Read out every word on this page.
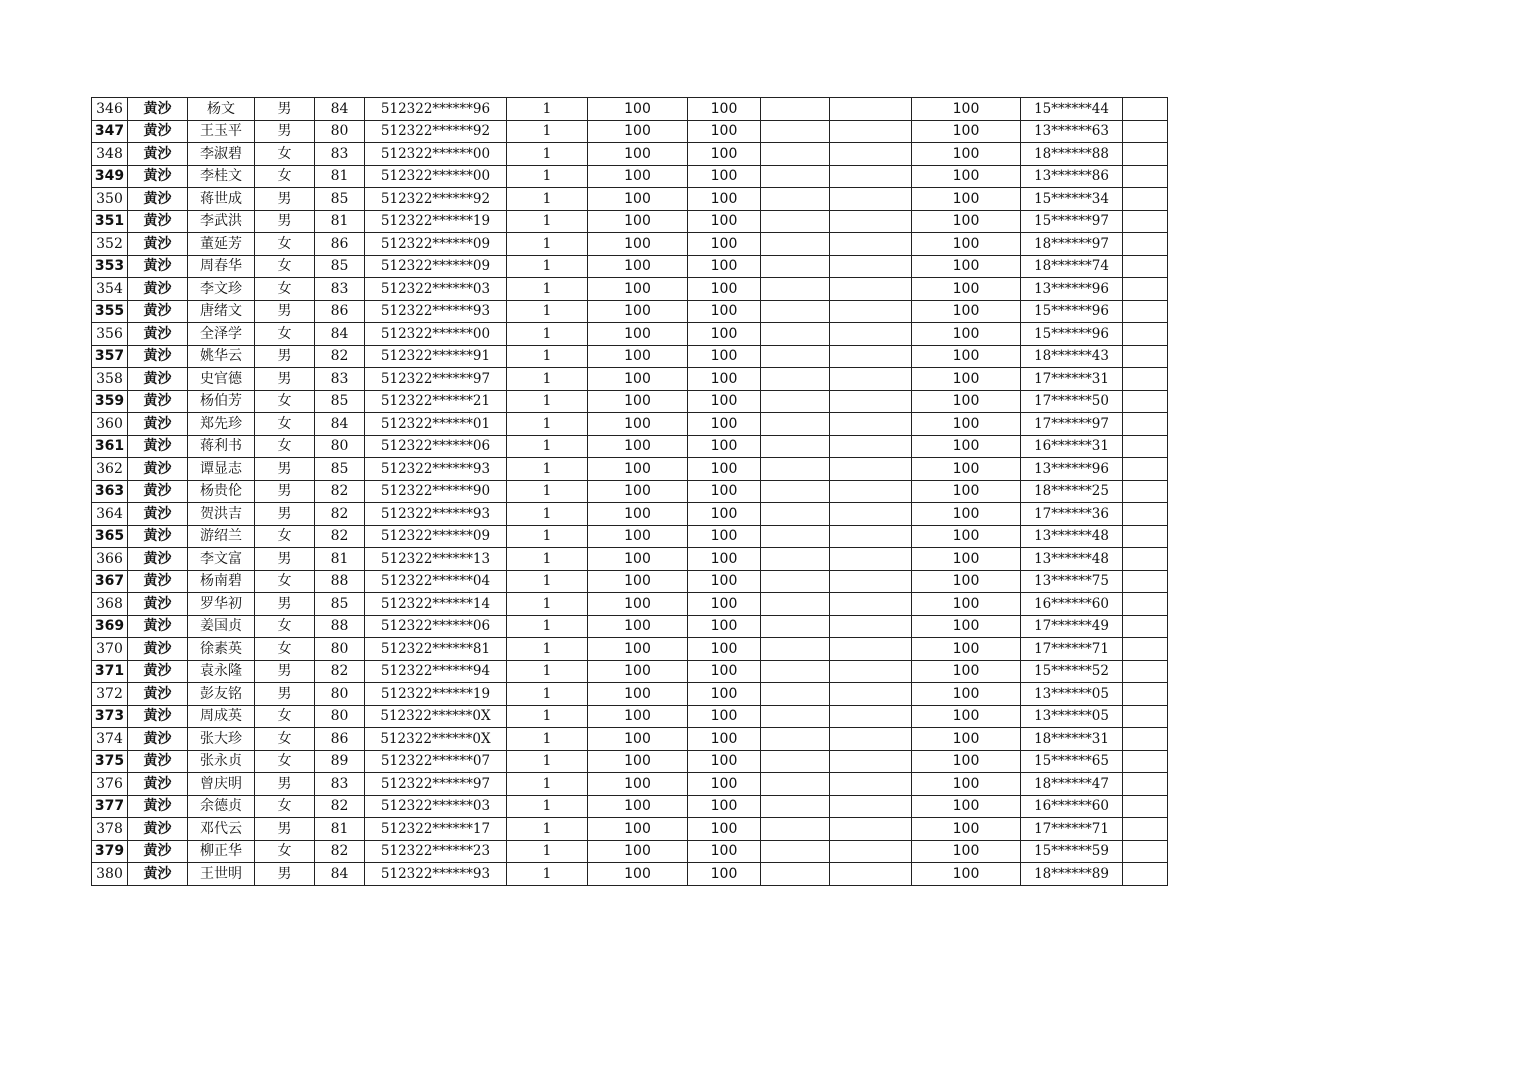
346	黄沙	杨文	男	84	512322******96	1	100	100			100	15******44	
347	黄沙	王玉平	男	80	512322******92	1	100	100			100	13******63	
348	黄沙	李淑碧	女	83	512322******00	1	100	100			100	18******88	
349	黄沙	李桂文	女	81	512322******00	1	100	100			100	13******86	
350	黄沙	蒋世成	男	85	512322******92	1	100	100			100	15******34	
351	黄沙	李武洪	男	81	512322******19	1	100	100			100	15******97	
352	黄沙	董延芳	女	86	512322******09	1	100	100			100	18******97	
353	黄沙	周春华	女	85	512322******09	1	100	100			100	18******74	
354	黄沙	李文珍	女	83	512322******03	1	100	100			100	13******96	
355	黄沙	唐绪文	男	86	512322******93	1	100	100			100	15******96	
356	黄沙	全泽学	女	84	512322******00	1	100	100			100	15******96	
357	黄沙	姚华云	男	82	512322******91	1	100	100			100	18******43	
358	黄沙	史官德	男	83	512322******97	1	100	100			100	17******31	
359	黄沙	杨伯芳	女	85	512322******21	1	100	100			100	17******50	
360	黄沙	郑先珍	女	84	512322******01	1	100	100			100	17******97	
361	黄沙	蒋利书	女	80	512322******06	1	100	100			100	16******31	
362	黄沙	谭显志	男	85	512322******93	1	100	100			100	13******96	
363	黄沙	杨贵伦	男	82	512322******90	1	100	100			100	18******25	
364	黄沙	贺洪吉	男	82	512322******93	1	100	100			100	17******36	
365	黄沙	游绍兰	女	82	512322******09	1	100	100			100	13******48	
366	黄沙	李文富	男	81	512322******13	1	100	100			100	13******48	
367	黄沙	杨南碧	女	88	512322******04	1	100	100			100	13******75	
368	黄沙	罗华初	男	85	512322******14	1	100	100			100	16******60	
369	黄沙	姜国贞	女	88	512322******06	1	100	100			100	17******49	
370	黄沙	徐素英	女	80	512322******81	1	100	100			100	17******71	
371	黄沙	袁永隆	男	82	512322******94	1	100	100			100	15******52	
372	黄沙	彭友铭	男	80	512322******19	1	100	100			100	13******05	
373	黄沙	周成英	女	80	512322******0X	1	100	100			100	13******05	
374	黄沙	张大珍	女	86	512322******0X	1	100	100			100	18******31	
375	黄沙	张永贞	女	89	512322******07	1	100	100			100	15******65	
376	黄沙	曾庆明	男	83	512322******97	1	100	100			100	18******47	
377	黄沙	余德贞	女	82	512322******03	1	100	100			100	16******60	
378	黄沙	邓代云	男	81	512322******17	1	100	100			100	17******71	
379	黄沙	柳正华	女	82	512322******23	1	100	100			100	15******59	
380	黄沙	王世明	男	84	512322******93	1	100	100			100	18******89	
